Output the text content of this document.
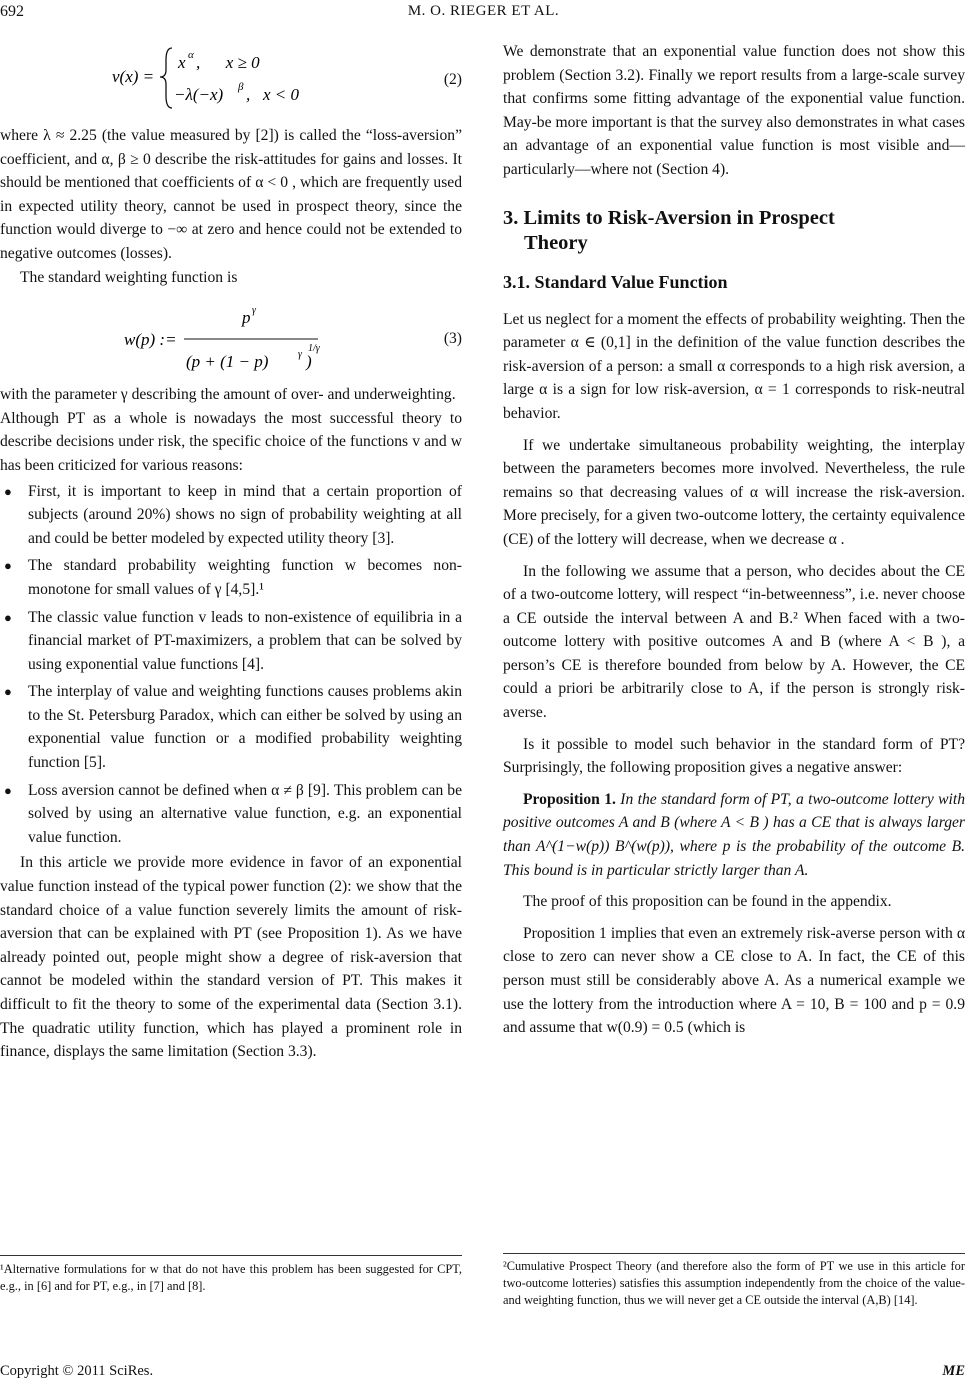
692	M. O. RIEGER ET AL.
v(x) =
x α ,      x ≥ 0
−λ(−x) β ,   x < 0
(2)

where λ ≈ 2.25 (the value measured by [2]) is called the “loss-aversion” coefficient, and α, β ≥ 0 describe the risk-attitudes for gains and losses. It should be mentioned that coefficients of α < 0 , which are frequently used in expected utility theory, cannot be used in prospect theory, since the function would diverge to −∞ at zero and hence could not be extended to negative outcomes (losses).

The standard weighting function is

w(p) :=
p γ
(p + (1 − p)	γ )
1/γ
(3)

with the parameter γ describing the amount of over- and underweighting.

Although PT as a whole is nowadays the most successful theory to describe decisions under risk, the specific choice of the functions v and w has been criticized for various reasons:

● First, it is important to keep in mind that a certain proportion of subjects (around 20%) shows no sign of probability weighting at all and could be better modeled by expected utility theory [3].
● The standard probability weighting function w becomes non-monotone for small values of γ [4,5].¹
● The classic value function v leads to non-existence of equilibria in a financial market of PT-maximizers, a problem that can be solved by using exponential value functions [4].
● The interplay of value and weighting functions causes problems akin to the St. Petersburg Paradox, which can either be solved by using an exponential value function or a modified probability weighting function [5].
● Loss aversion cannot be defined when α ≠ β [9]. This problem can be solved by using an alternative value function, e.g. an exponential value function.

In this article we provide more evidence in favor of an exponential value function instead of the typical power function (2): we show that the standard choice of a value function severely limits the amount of risk-aversion that can be explained with PT (see Proposition 1). As we have already pointed out, people might show a degree of risk-aversion that cannot be modeled within the standard version of PT. This makes it difficult to fit the theory to some of the experimental data (Section 3.1). The quadratic utility function, which has played a prominent role in finance, displays the same limitation (Section 3.3).

We demonstrate that an exponential value function does not show this problem (Section 3.2). Finally we report results from a large-scale survey that confirms some fitting advantage of the exponential value function. May-be more important is that the survey also demonstrates in what cases an advantage of an exponential value function is most visible and—particularly—where not (Section 4).

3. Limits to Risk-Aversion in Prospect
Theory
3.1. Standard Value Function

Let us neglect for a moment the effects of probability weighting. Then the parameter α ∈ (0,1] in the definition of the value function describes the risk-aversion of a person: a small α corresponds to a high risk aversion, a large α is a sign for low risk-aversion, α = 1 corresponds to risk-neutral behavior.

If we undertake simultaneous probability weighting, the interplay between the parameters becomes more involved. Nevertheless, the rule remains so that decreasing values of α will increase the risk-aversion. More precisely, for a given two-outcome lottery, the certainty equivalence (CE) of the lottery will decrease, when we decrease α .

In the following we assume that a person, who decides about the CE of a two-outcome lottery, will respect “in-betweenness”, i.e. never choose a CE outside the interval between A and B.² When faced with a two-outcome lottery with positive outcomes A and B (where A < B ), a person’s CE is therefore bounded from below by A. However, the CE could a priori be arbitrarily close to A, if the person is strongly risk-averse.

Is it possible to model such behavior in the standard form of PT? Surprisingly, the following proposition gives a negative answer:

Proposition 1. In the standard form of PT, a two-outcome lottery with positive outcomes A and B (where A < B ) has a CE that is always larger than A^(1−w(p)) B^(w(p)), where p is the probability of the outcome B. This bound is in particular strictly larger than A.

The proof of this proposition can be found in the appendix.

Proposition 1 implies that even an extremely risk-averse person with α close to zero can never show a CE close to A. In fact, the CE of this person must still be considerably above A. As a numerical example we use the lottery from the introduction where A = 10, B = 100 and p = 0.9 and assume that w(0.9) = 0.5 (which is

¹Alternative formulations for w that do not have this problem has been suggested for CPT, e.g., in [6] and for PT, e.g., in [7] and [8].
²Cumulative Prospect Theory (and therefore also the form of PT we use in this article for two-outcome lotteries) satisfies this assumption independently from the choice of the value- and weighting function, thus we will never get a CE outside the interval (A,B) [14].
Copyright © 2011 SciRes.	ME
